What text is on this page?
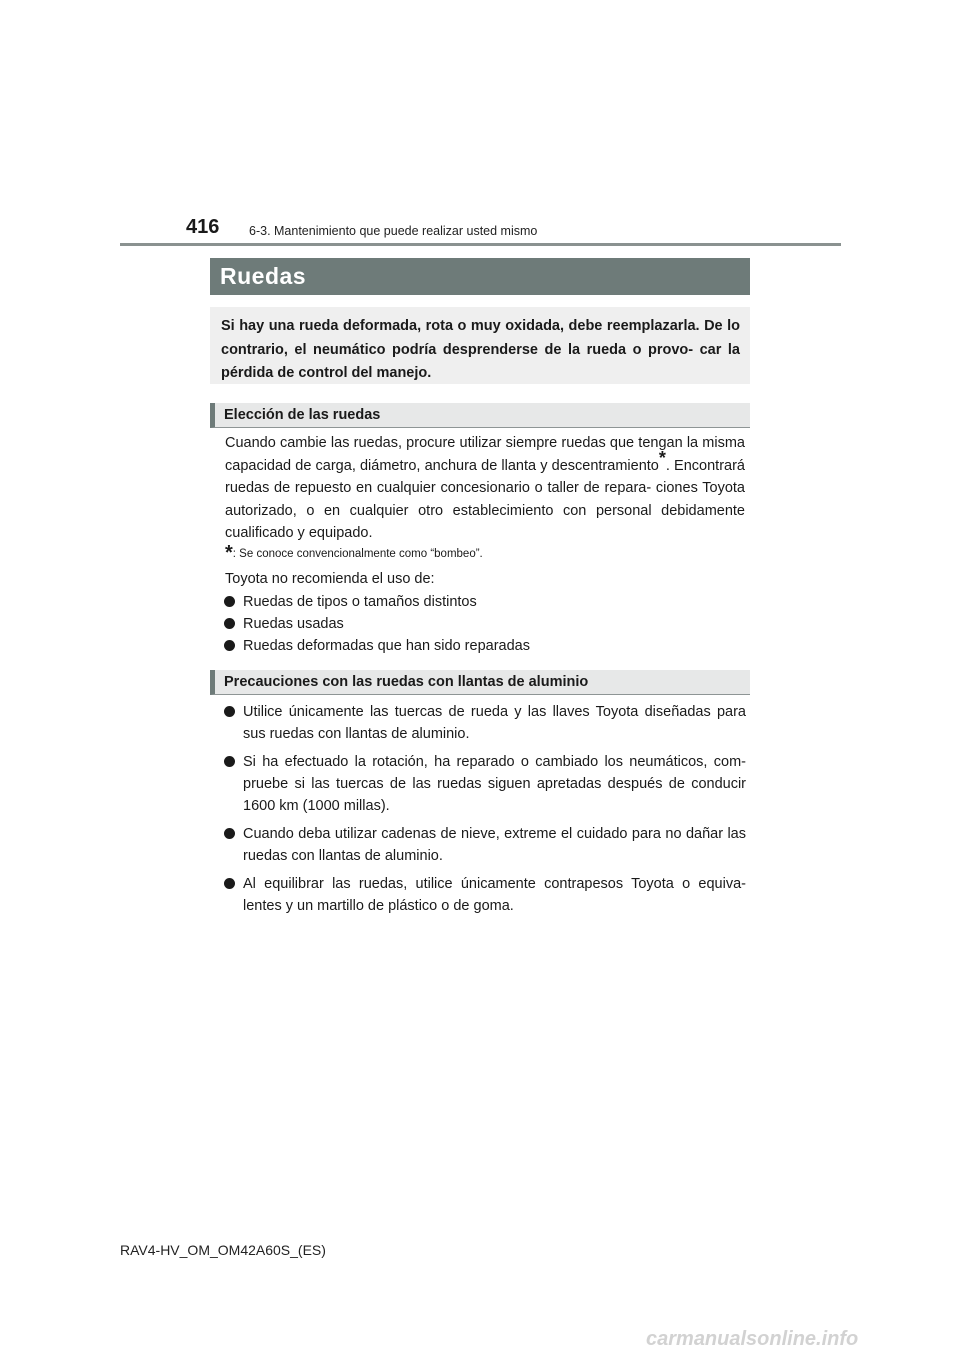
416 6-3. Mantenimiento que puede realizar usted mismo
Ruedas

Si hay una rueda deformada, rota o muy oxidada, debe reemplazarla. De lo contrario, el neumático podría desprenderse de la rueda o provo- car la pérdida de control del manejo.

Elección de las ruedas

Cuando cambie las ruedas, procure utilizar siempre ruedas que tengan la misma capacidad de carga, diámetro, anchura de llanta y descentramiento*. Encontrará ruedas de repuesto en cualquier concesionario o taller de repara- ciones Toyota autorizado, o en cualquier otro establecimiento con personal debidamente cualificado y equipado.

*: Se conoce convencionalmente como “bombeo”.

Toyota no recomienda el uso de:

Ruedas de tipos o tamaños distintos
Ruedas usadas
Ruedas deformadas que han sido reparadas
Precauciones con las ruedas con llantas de aluminio
Utilice únicamente las tuercas de rueda y las llaves Toyota diseñadas para sus ruedas con llantas de aluminio.
Si ha efectuado la rotación, ha reparado o cambiado los neumáticos, com- pruebe si las tuercas de las ruedas siguen apretadas después de conducir 1600 km (1000 millas).
Cuando deba utilizar cadenas de nieve, extreme el cuidado para no dañar las ruedas con llantas de aluminio.
Al equilibrar las ruedas, utilice únicamente contrapesos Toyota o equiva- lentes y un martillo de plástico o de goma.
RAV4-HV_OM_OM42A60S_(ES)
carmanualsonline.info
